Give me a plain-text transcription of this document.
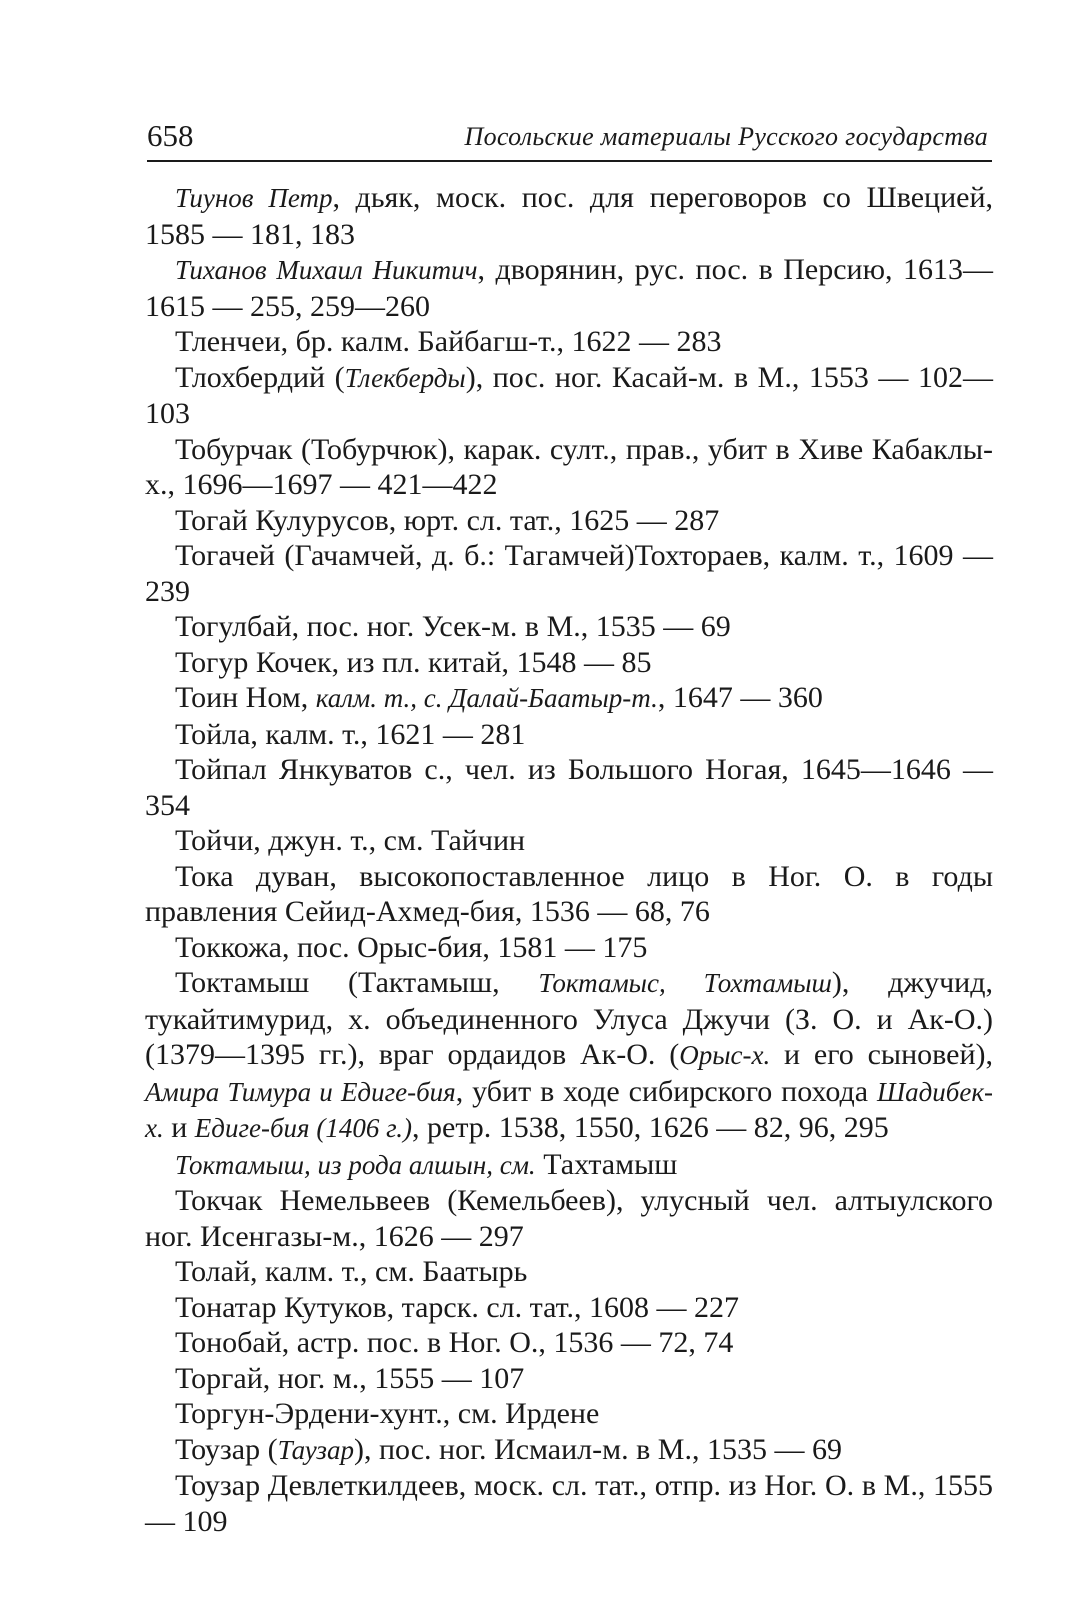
658	Посольские материалы Русского государства
Тиунов Петр, дьяк, моск. пос. для переговоров со Швецией, 1585 — 181, 183
Тиханов Михаил Никитич, дворянин, рус. пос. в Персию, 1613—1615 — 255, 259—260
Тленчеи, бр. калм. Байбагш-т., 1622 — 283
Тлохбердий (Тлекберды), пос. ног. Касай-м. в М., 1553 — 102—103
Тобурчак (Тобурчюк), карак. султ., прав., убит в Хиве Кабаклы-х., 1696—1697 — 421—422
Тогай Кулурусов, юрт. сл. тат., 1625 — 287
Тогачей (Гачамчей, д. б.: Тагамчей)Тохтораев, калм. т., 1609 — 239
Тогулбай, пос. ног. Усек-м. в М., 1535 — 69
Тогур Кочек, из пл. китай, 1548 — 85
Тоин Ном, калм. т., с. Далай-Баатыр-т., 1647 — 360
Тойла, калм. т., 1621 — 281
Тойпал Янкуватов с., чел. из Большого Ногая, 1645—1646 — 354
Тойчи, джун. т., см. Тайчин
Тока дуван, высокопоставленное лицо в Ног. О. в годы правления Сейид-Ахмед-бия, 1536 — 68, 76
Токкожа, пос. Орыс-бия, 1581 — 175
Токтамыш (Тактамыш, Токтамыс, Тохтамыш), джучид, тукайтимурид, х. объединенного Улуса Джучи (З. О. и Ак-О.) (1379—1395 гг.), враг ордаидов Ак-О. (Орыс-х. и его сыновей), Амира Тимура и Едиге-бия, убит в ходе сибирского похода Шадибек-х. и Едиге-бия (1406 г.), ретр. 1538, 1550, 1626 — 82, 96, 295
Токтамыш, из рода алшын, см. Тахтамыш
Токчак Немельвеев (Кемельбеев), улусный чел. алтыулского ног. Исенгазы-м., 1626 — 297
Толай, калм. т., см. Баатырь
Тонатар Кутуков, тарск. сл. тат., 1608 — 227
Тонобай, астр. пос. в Ног. О., 1536 — 72, 74
Торгай, ног. м., 1555 — 107
Торгун-Эрдени-хунт., см. Ирдене
Тоузар (Таузар), пос. ног. Исмаил-м. в М., 1535 — 69
Тоузар Девлеткилдеев, моск. сл. тат., отпр. из Ног. О. в М., 1555 — 109
